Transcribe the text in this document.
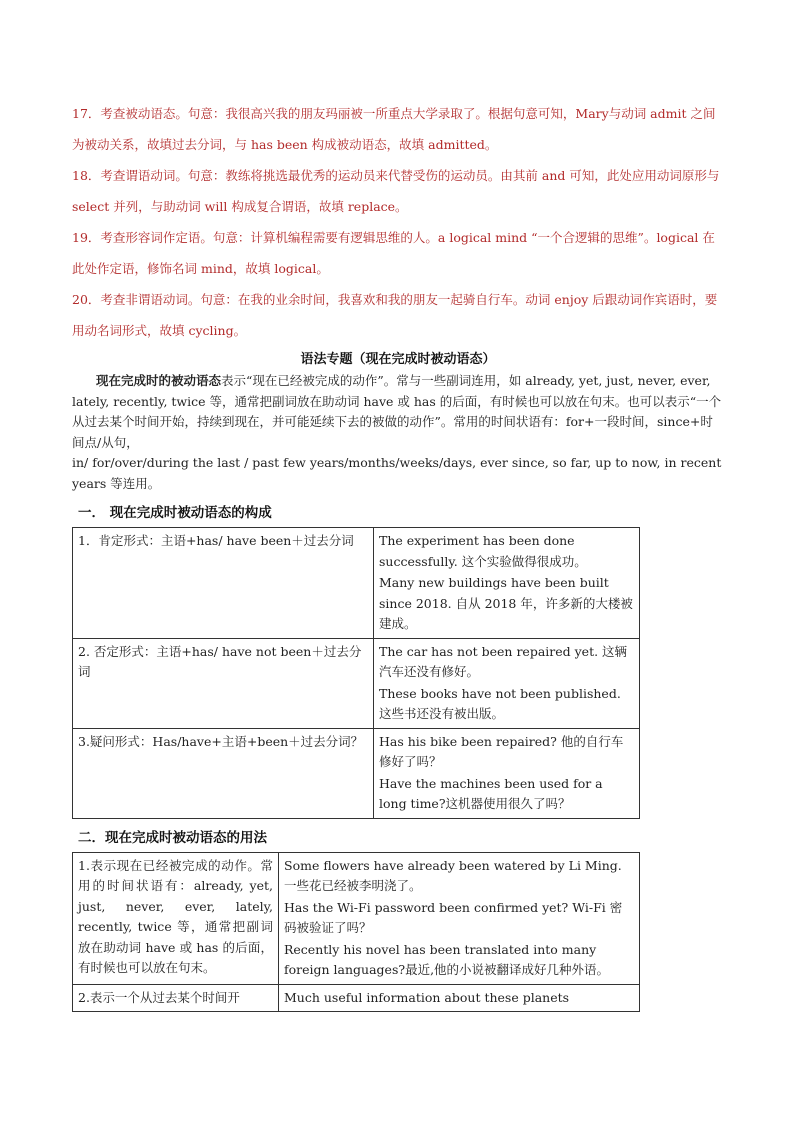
17．考查被动语态。句意：我很高兴我的朋友玛丽被一所重点大学录取了。根据句意可知，Mary与动词 admit 之间为被动关系，故填过去分词，与 has been 构成被动语态，故填 admitted。

18．考查谓语动词。句意：教练将挑选最优秀的运动员来代替受伤的运动员。由其前 and 可知，此处应用动词原形与 select 并列，与助动词 will 构成复合谓语，故填 replace。

19．考查形容词作定语。句意：计算机编程需要有逻辑思维的人。a logical mind “一个合逻辑的思维”。logical 在此处作定语，修饰名词 mind，故填 logical。

20．考查非谓语动词。句意：在我的业余时间，我喜欢和我的朋友一起骑自行车。动词 enjoy 后跟动词作宾语时，要用动名词形式，故填 cycling。

语法专题（现在完成时被动语态）

现在完成时的被动语态表示“现在已经被完成的动作”。常与一些副词连用，如 already, yet, just, never, ever, lately, recently, twice 等，通常把副词放在助动词 have 或 has 的后面，有时候也可以放在句末。也可以表示“一个从过去某个时间开始，持续到现在，并可能延续下去的被做的动作”。常用的时间状语有：for+一段时间，since+时间点/从句，

in/ for/over/during the last / past few years/months/weeks/days, ever since, so far, up to now, in recent years 等连用。

一． 现在完成时被动语态的构成
1．肯定形式：主语+has/ have been＋过去分词	The experiment has been done successfully. 这个实验做得很成功。

Many new buildings have been built since 2018. 自从 2018 年，许多新的大楼被建成。

2. 否定形式：主语+has/ have not been＋过去分词	The car has not been repaired yet. 这辆汽车还没有修好。

These books have not been published. 这些书还没有被出版。

3.疑问形式：Has/have+主语+been＋过去分词？	Has his bike been repaired? 他的自行车修好了吗？

Have the machines been used for a long time?这机器使用很久了吗？

二．现在完成时被动语态的用法
1.表示现在已经被完成的动作。常用的时间状语有：already, yet, just, never, ever, lately, recently, twice 等，通常把副词放在助动词 have 或 has 的后面，有时候也可以放在句末。	Some flowers have already been watered by Li Ming. 一些花已经被李明浇了。

Has the Wi-Fi password been confirmed yet? Wi-Fi 密码被验证了吗？

Recently his novel has been translated into many foreign languages?最近,他的小说被翻译成好几种外语。

2.表示一个从过去某个时间开	Much useful information about these planets
